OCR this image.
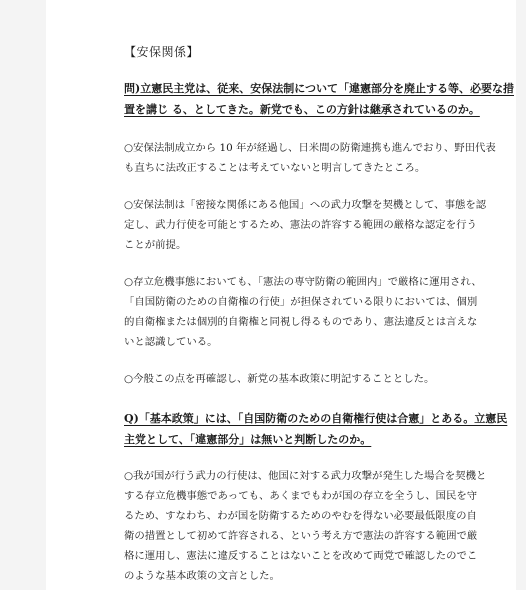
【安保関係】
問)立憲民主党は、従来、安保法制について「違憲部分を廃止する等、必要な措
置を講じ る、としてきた。新党でも、この方針は継承されているのか。
○安保法制成立から 10 年が経過し、日米間の防衛連携も進んでおり、野田代表
も直ちに法改正することは考えていないと明言してきたところ。
○安保法制は「密接な関係にある他国」への武力攻撃を契機として、事態を認
定し、武力行使を可能とするため、憲法の許容する範囲の厳格な認定を行う
ことが前提。
○存立危機事態においても、「憲法の専守防衛の範囲内」で厳格に運用され、
「自国防衛のための自衛権の行使」が担保されている限りにおいては、個別
的自衛権または個別的自衛権と同視し得るものであり、憲法違反とは言えな
いと認識している。
○今般この点を再確認し、新党の基本政策に明記することとした。
Q)「基本政策」には、「自国防衛のための自衛権行使は合憲」とある。立憲民
主党として、「違憲部分」は無いと判断したのか。
○我が国が行う武力の行使は、他国に対する武力攻撃が発生した場合を契機と
する存立危機事態であっても、あくまでもわが国の存立を全うし、国民を守
るため、すなわち、わが国を防衛するためのやむを得ない必要最低限度の自
衛の措置として初めて許容される、という考え方で憲法の許容する範囲で厳
格に運用し、憲法に違反することはないことを改めて両党で確認したのでこ
のような基本政策の文言とした。
